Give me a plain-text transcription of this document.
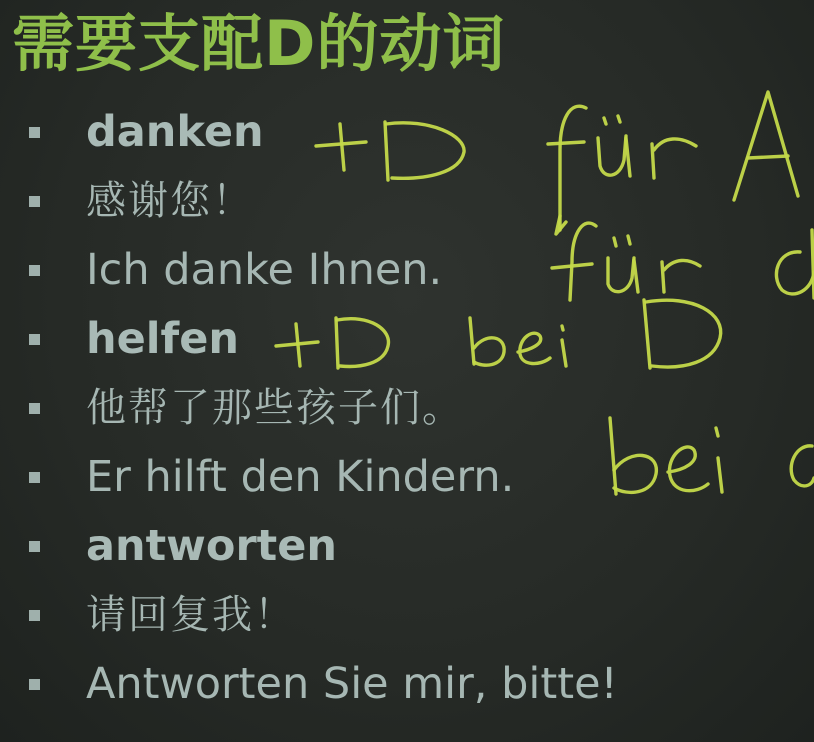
需要支配D的动词
danken
感谢您！
Ich danke Ihnen.
helfen
他帮了那些孩子们。
Er hilft den Kindern.
antworten
请回复我！
Antworten Sie mir, bitte!
